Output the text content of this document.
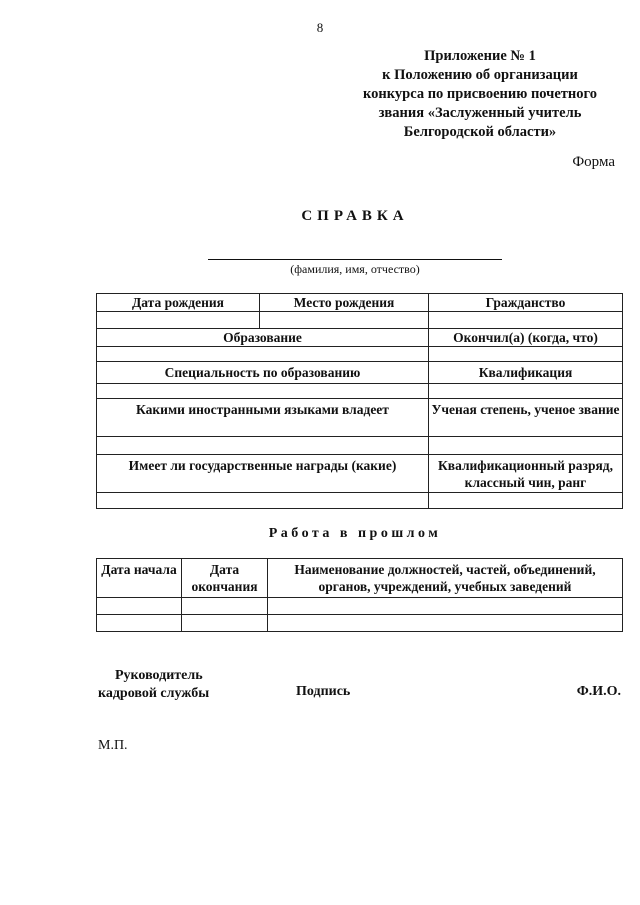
8
Приложение № 1
к Положению об организации
конкурса по присвоению почетного
звания «Заслуженный учитель
Белгородской области»
Форма
СПРАВКА
(фамилия, имя, отчество)
Дата рождения	Место рождения	Гражданство

Образование		Окончил(а) (когда, что)

Специальность по образованию		Квалификация

Какими иностранными языками владеет		Ученая степень, ученое звание

Имеет ли государственные награды (какие)		Квалификационный разряд, классный чин, ранг

Работа в прошлом
Дата начала	Дата окончания	Наименование должностей, частей, объединений, органов, учреждений, учебных заведений

Руководитель
кадровой службы	Подпись	Ф.И.О.
М.П.
